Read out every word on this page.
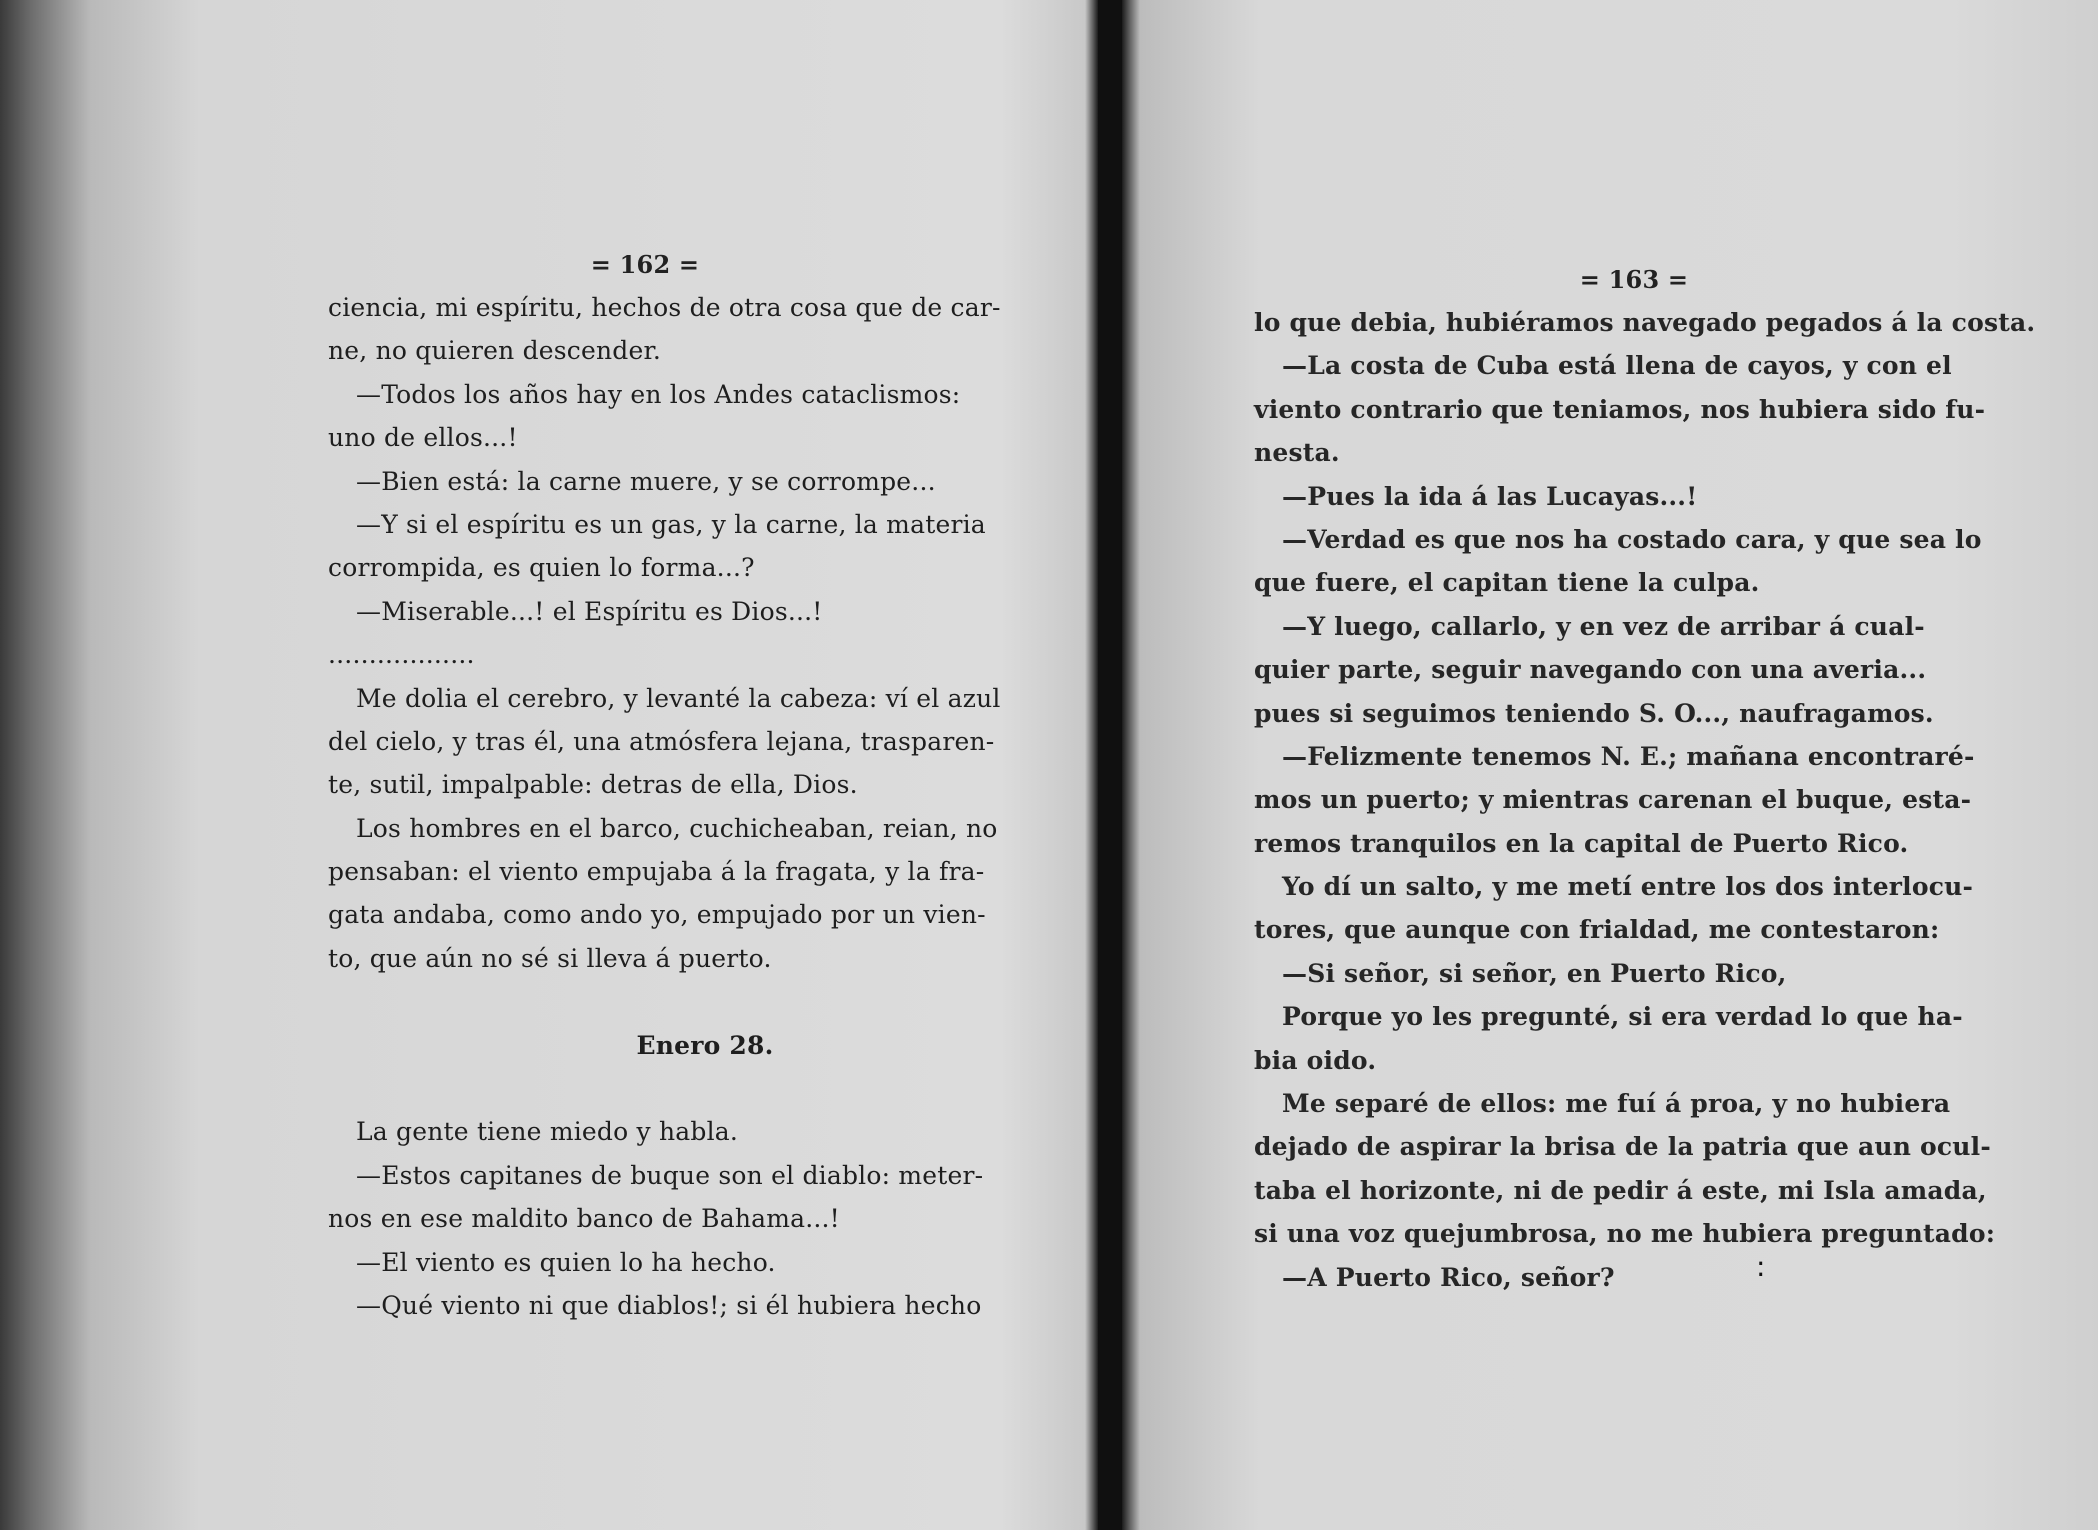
= 162 =
ciencia, mi espíritu, hechos de otra cosa que de car-
ne, no quieren descender.
—Todos los años hay en los Andes cataclismos:
uno de ellos...!
—Bien está: la carne muere, y se corrompe...
—Y si el espíritu es un gas, y la carne, la materia
corrompida, es quien lo forma...?
—Miserable...! el Espíritu es Dios...!
..................
Me dolia el cerebro, y levanté la cabeza: ví el azul
del cielo, y tras él, una atmósfera lejana, trasparen-
te, sutil, impalpable: detras de ella, Dios.
Los hombres en el barco, cuchicheaban, reian, no
pensaban: el viento empujaba á la fragata, y la fra-
gata andaba, como ando yo, empujado por un vien-
to, que aún no sé si lleva á puerto.
Enero 28.
La gente tiene miedo y habla.
—Estos capitanes de buque son el diablo: meter-
nos en ese maldito banco de Bahama...!
—El viento es quien lo ha hecho.
—Qué viento ni que diablos!; si él hubiera hecho
= 163 =
lo que debia, hubiéramos navegado pegados á la costa.
—La costa de Cuba está llena de cayos, y con el
viento contrario que teniamos, nos hubiera sido fu-
nesta.
—Pues la ida á las Lucayas...!
—Verdad es que nos ha costado cara, y que sea lo
que fuere, el capitan tiene la culpa.
—Y luego, callarlo, y en vez de arribar á cual-
quier parte, seguir navegando con una averia...
pues si seguimos teniendo S. O..., naufragamos.
—Felizmente tenemos N. E.; mañana encontraré-
mos un puerto; y mientras carenan el buque, esta-
remos tranquilos en la capital de Puerto Rico.
Yo dí un salto, y me metí entre los dos interlocu-
tores, que aunque con frialdad, me contestaron:
—Si señor, si señor, en Puerto Rico,
Porque yo les pregunté, si era verdad lo que ha-
bia oido.
Me separé de ellos: me fuí á proa, y no hubiera
dejado de aspirar la brisa de la patria que aun ocul-
taba el horizonte, ni de pedir á este, mi Isla amada,
si una voz quejumbrosa, no me hubiera preguntado:
—A Puerto Rico, señor?	:
